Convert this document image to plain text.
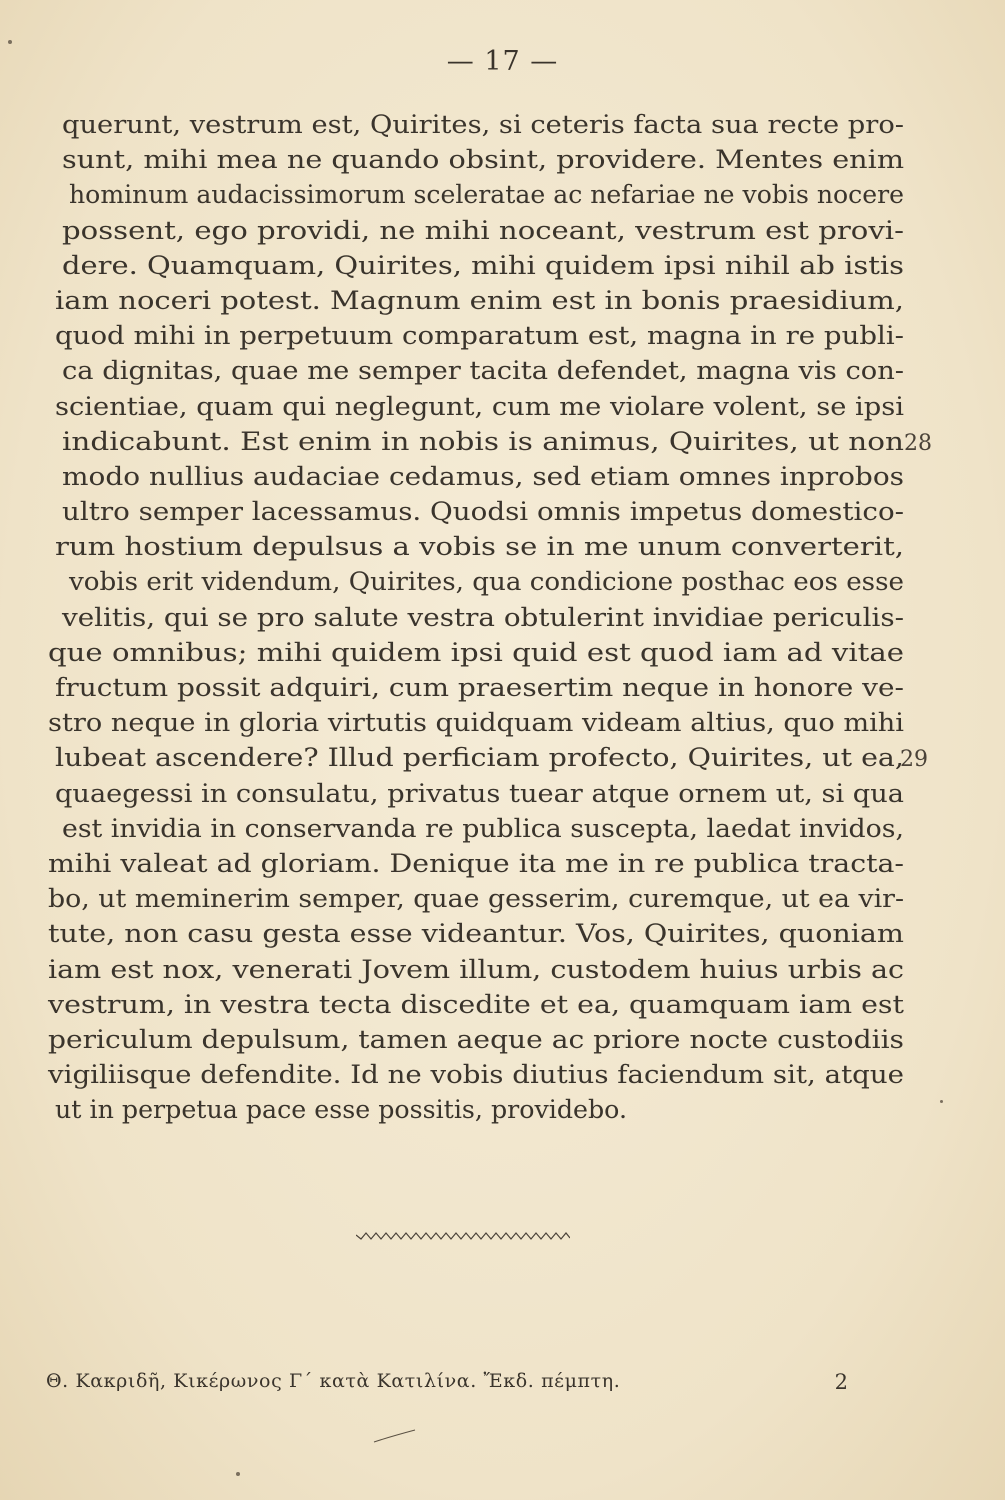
— 17 —
querunt, vestrum est, Quirites, si ceteris facta sua recte pro-
sunt, mihi mea ne quando obsint, providere. Mentes enim
hominum audacissimorum sceleratae ac nefariae ne vobis nocere
possent, ego providi, ne mihi noceant, vestrum est provi-
dere. Quamquam, Quirites, mihi quidem ipsi nihil ab istis
iam noceri potest. Magnum enim est in bonis praesidium,
quod mihi in perpetuum comparatum est, magna in re publi-
ca dignitas, quae me semper tacita defendet, magna vis con-
scientiae, quam qui neglegunt, cum me violare volent, se ipsi
indicabunt. Est enim in nobis is animus, Quirites, ut non 28
modo nullius audaciae cedamus, sed etiam omnes inprobos
ultro semper lacessamus. Quodsi omnis impetus domestico-
rum hostium depulsus a vobis se in me unum converterit,
vobis erit videndum, Quirites, qua condicione posthac eos esse
velitis, qui se pro salute vestra obtulerint invidiae periculis-
que omnibus; mihi quidem ipsi quid est quod iam ad vitae
fructum possit adquiri, cum praesertim neque in honore ve-
stro neque in gloria virtutis quidquam videam altius, quo mihi
lubeat ascendere? Illud perficiam profecto, Quirites, ut ea,
29
quaegessi in consulatu, privatus tuear atque ornem ut, si qua
est invidia in conservanda re publica suscepta, laedat invidos,
mihi valeat ad gloriam. Denique ita me in re publica tracta-
bo, ut meminerim semper, quae gesserim, curemque, ut ea vir-
tute, non casu gesta esse videantur. Vos, Quirites, quoniam
iam est nox, venerati Jovem illum, custodem huius urbis ac
vestrum, in vestra tecta discedite et ea, quamquam iam est
periculum depulsum, tamen aeque ac priore nocte custodiis
vigiliisque defendite. Id ne vobis diutius faciendum sit, atque
ut in perpetua pace esse possitis, providebo.
Θ. Κακριδῆ, Κικέρωνος Γ΄ κατὰ Κατιλίνα. Ἔκδ. πέμπτη.	2
